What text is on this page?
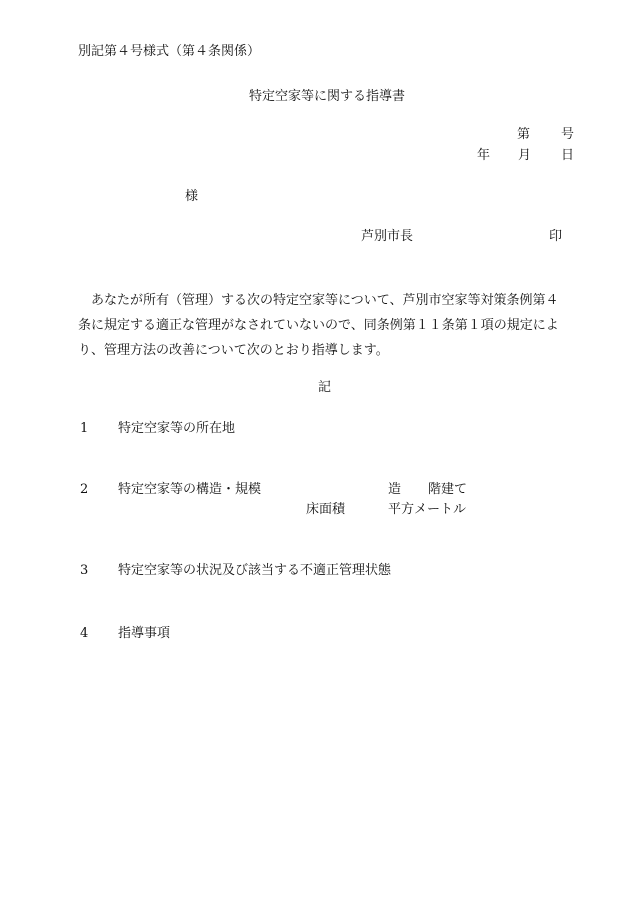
別記第４号様式（第４条関係）
特定空家等に関する指導書
第 号
年 月 日
様
芦別市長	印

　あなたが所有（管理）する次の特定空家等について、芦別市空家等対策条例第４

条に規定する適正な管理がなされていないので、同条例第１１条第１項の規定によ

り、管理方法の改善について次のとおり指導します。

記
1 特定空家等の所在地
2 特定空家等の構造・規模	造 階建て
床面積	平方メートル
3 特定空家等の状況及び該当する不適正管理状態
4 指導事項
